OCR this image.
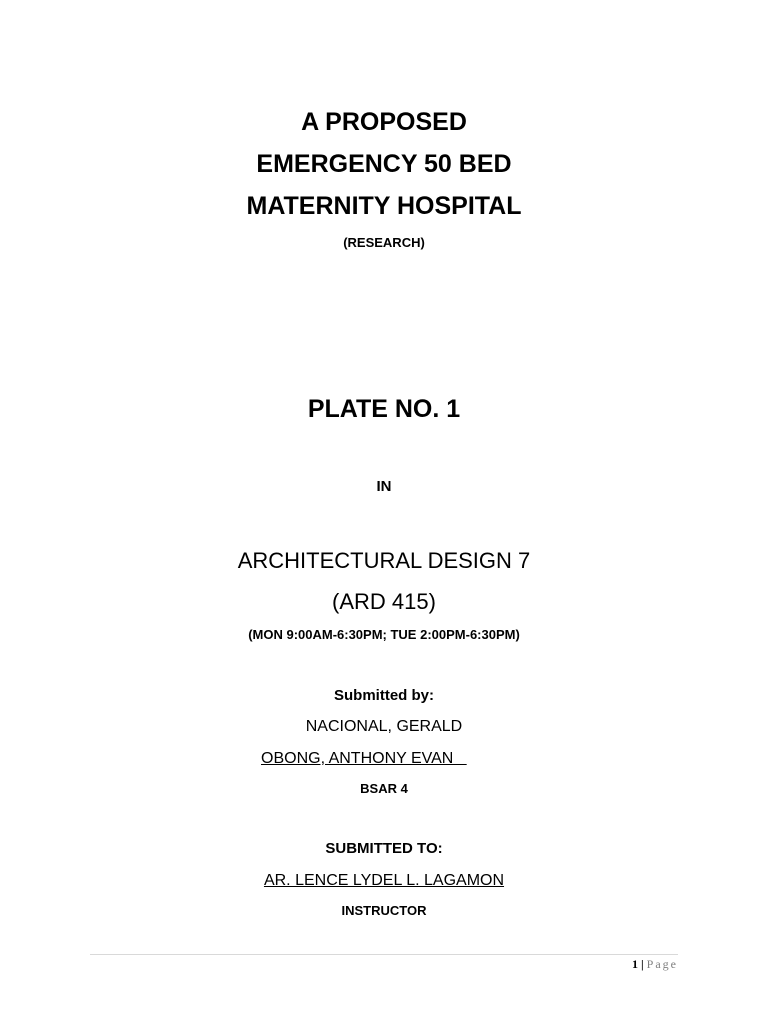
A PROPOSED
EMERGENCY 50 BED
MATERNITY HOSPITAL
(RESEARCH)
PLATE NO. 1
IN
ARCHITECTURAL DESIGN 7
(ARD 415)
(MON 9:00AM-6:30PM; TUE 2:00PM-6:30PM)
Submitted by:
NACIONAL, GERALD
OBONG, ANTHONY EVAN
BSAR 4
SUBMITTED TO:
AR. LENCE LYDEL L. LAGAMON
INSTRUCTOR
1 | Page
